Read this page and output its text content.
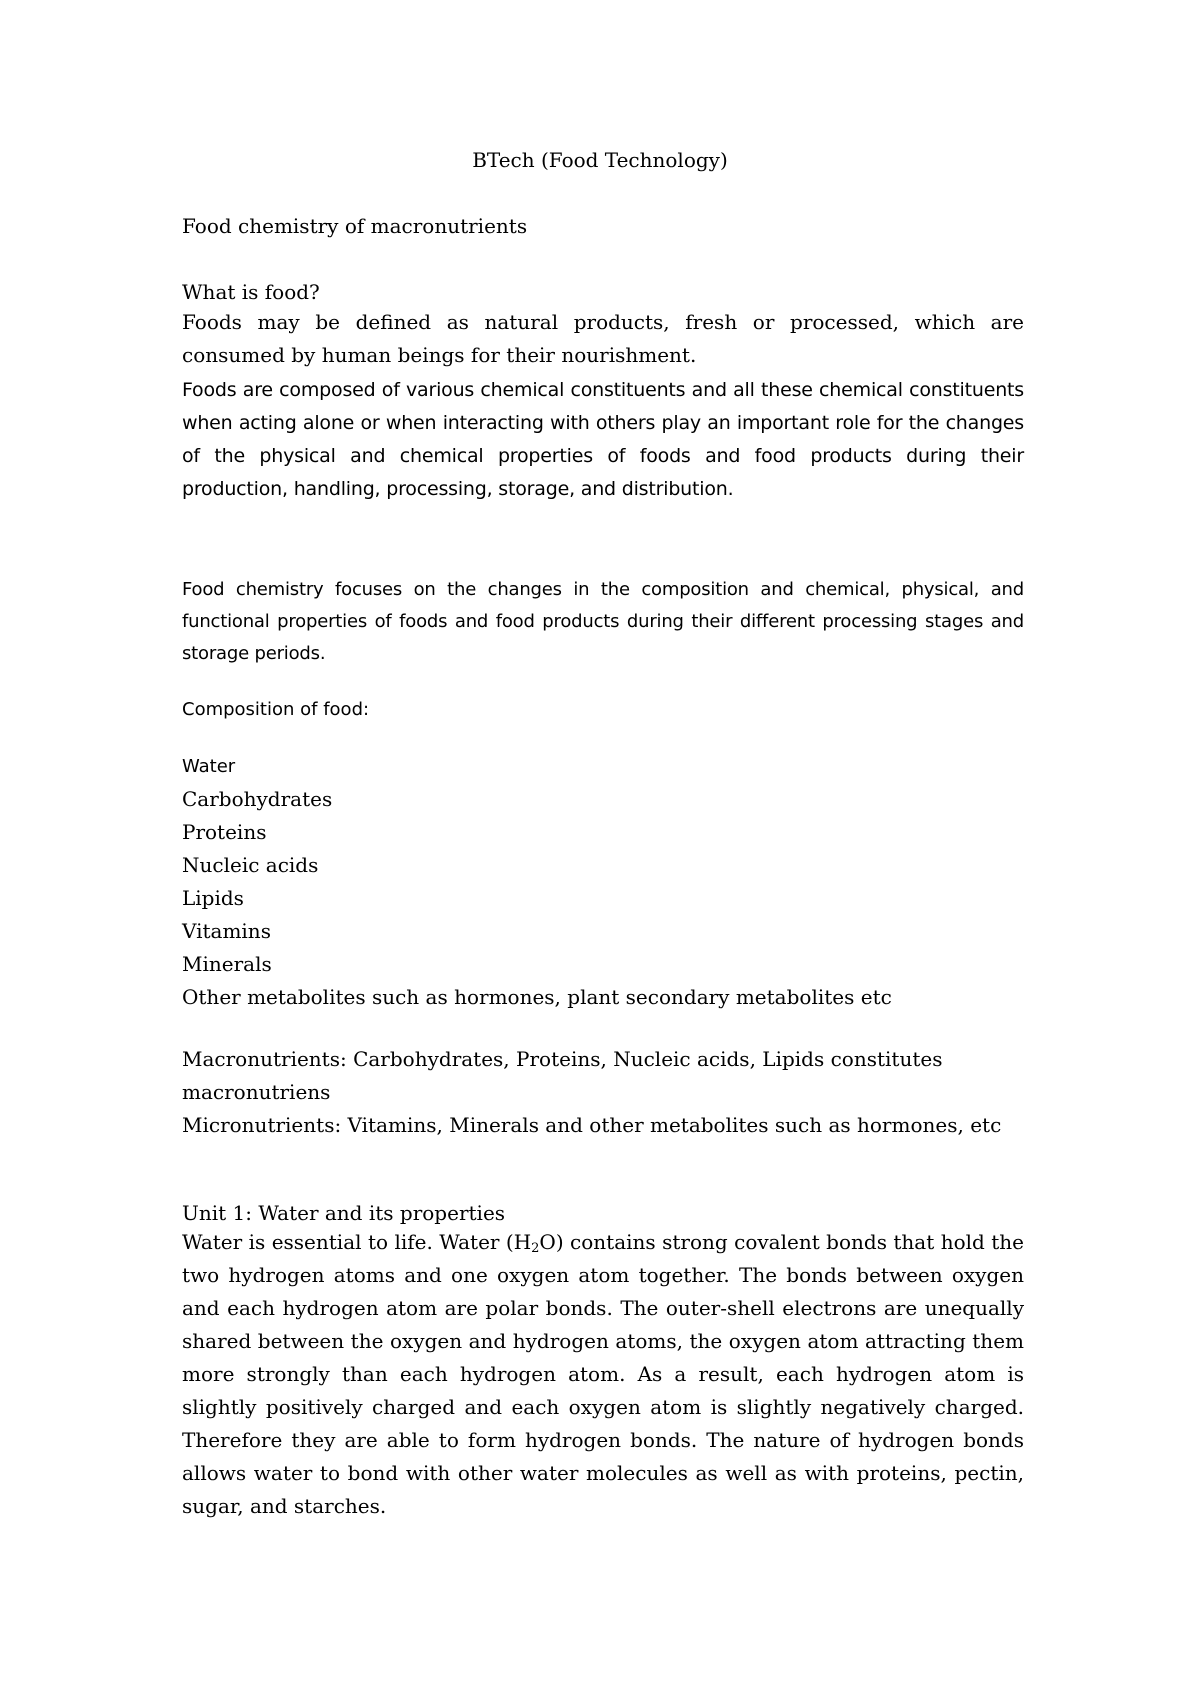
BTech (Food Technology)

Food chemistry of macronutrients

What is food?

Foods may be defined as natural products, fresh or processed, which are consumed by human beings for their nourishment.

Foods are composed of various chemical constituents and all these chemical constituents when acting alone or when interacting with others play an important role for the changes of the physical and chemical properties of foods and food products during their production, handling, processing, storage, and distribution.

Food chemistry focuses on the changes in the composition and chemical, physical, and functional properties of foods and food products during their different processing stages and storage periods.

Composition of food:

Water
Carbohydrates
Proteins
Nucleic acids
Lipids
Vitamins
Minerals
Other metabolites such as hormones, plant secondary metabolites etc

Macronutrients: Carbohydrates, Proteins, Nucleic acids, Lipids constitutes

macronutriens

Micronutrients: Vitamins, Minerals and other metabolites such as hormones, etc

Unit 1: Water and its properties

Water is essential to life. Water $(H_2O)$ contains strong covalent bonds that hold the two hydrogen atoms and one oxygen atom together. The bonds between oxygen and each hydrogen atom are polar bonds. The outer-shell electrons are unequally shared between the oxygen and hydrogen atoms, the oxygen atom attracting them more strongly than each hydrogen atom. As a result, each hydrogen atom is slightly positively charged and each oxygen atom is slightly negatively charged. Therefore they are able to form hydrogen bonds. The nature of hydrogen bonds allows water to bond with other water molecules as well as with proteins, pectin, sugar, and starches.
